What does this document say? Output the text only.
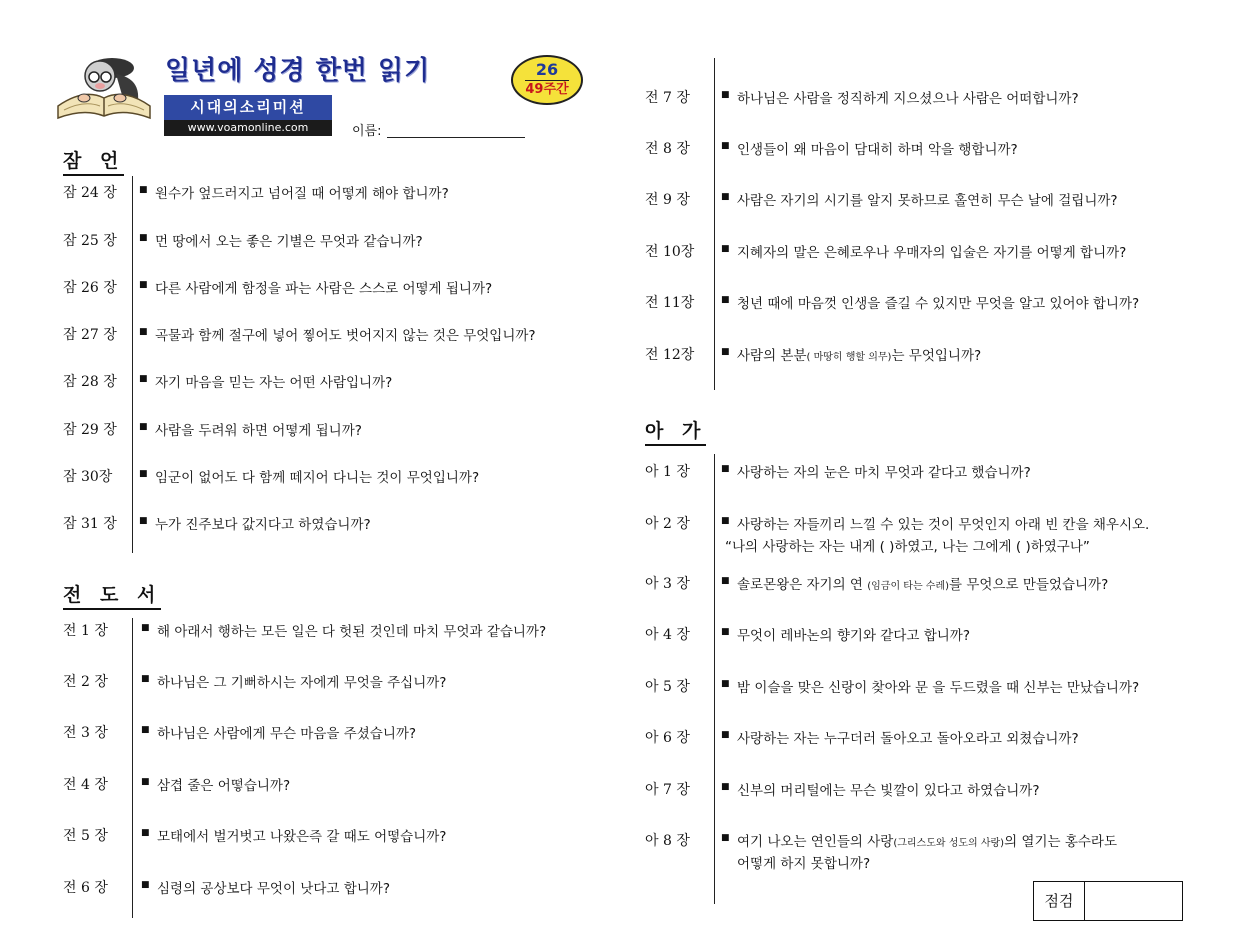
일년에 성경 한번 읽기	26
49주간
시대의소리미션
www.voamonline.com	이름:
잠 언
잠 24 장 ■ 원수가 엎드러지고 넘어질 때 어떻게 해야 합니까?
잠 25 장 ■ 먼 땅에서 오는 좋은 기별은 무엇과 같습니까?
잠 26 장 ■ 다른 사람에게 함정을 파는 사람은 스스로 어떻게 됩니까?
잠 27 장 ■ 곡물과 함께 절구에 넣어 찧어도 벗어지지 않는 것은 무엇입니까?
잠 28 장 ■ 자기 마음을 믿는 자는 어떤 사람입니까?
잠 29 장 ■ 사람을 두려워 하면 어떻게 됩니까?
잠 30장	■ 임군이 없어도 다 함께 떼지어 다니는 것이 무엇입니까?
잠 31 장 ■ 누가 진주보다 값지다고 하였습니까?
전 도 서
전 1 장	■ 해 아래서 행하는 모든 일은 다 헛된 것인데 마치 무엇과 같습니까?
전 2 장	■ 하나님은 그 기뻐하시는 자에게 무엇을 주십니까?
전 3 장	■ 하나님은 사람에게 무슨 마음을 주셨습니까?
전 4 장	■ 삼겹 줄은 어떻습니까?
전 5 장	■ 모태에서 벌거벗고 나왔은즉 갈 때도 어떻습니까?
전 6 장	■ 심령의 공상보다 무엇이 낫다고 합니까?
전 7 장	■ 하나님은 사람을 정직하게 지으셨으나 사람은 어떠합니까?
전 8 장	■ 인생들이 왜 마음이 담대히 하며 악을 행합니까?
전 9 장	■ 사람은 자기의 시기를 알지 못하므로 홀연히 무슨 날에 걸립니까?
전 10장	■ 지혜자의 말은 은혜로우나 우매자의 입술은 자기를 어떻게 합니까?
전 11장	■ 청년 때에 마음껏 인생을 즐길 수 있지만 무엇을 알고 있어야 합니까?
전 12장	■ 사람의 본분( 마땅히 행할 의무)는 무엇입니까?
아 가
아 1 장	■ 사랑하는 자의 눈은 마치 무엇과 같다고 했습니까?
아 2 장	■ 사랑하는 자들끼리 느낄 수 있는 것이 무엇인지 아래 빈 칸을 채우시오.
“나의 사랑하는 자는 내게 ( )하였고, 나는 그에게 ( )하였구나”
아 3 장	■ 솔로몬왕은 자기의 연 (임금이 타는 수레)를 무엇으로 만들었습니까?
아 4 장	■ 무엇이 레바논의 향기와 같다고 합니까?
아 5 장	■ 밤 이슬을 맞은 신랑이 찾아와 문 을 두드렸을 때 신부는 만났습니까?
아 6 장	■ 사랑하는 자는 누구더러 돌아오고 돌아오라고 외쳤습니까?
아 7 장	■ 신부의 머리털에는 무슨 빛깔이 있다고 하였습니까?
아 8 장	■ 여기 나오는 연인들의 사랑(그리스도와 성도의 사랑)의 열기는 홍수라도
어떻게 하지 못합니까?
점검
